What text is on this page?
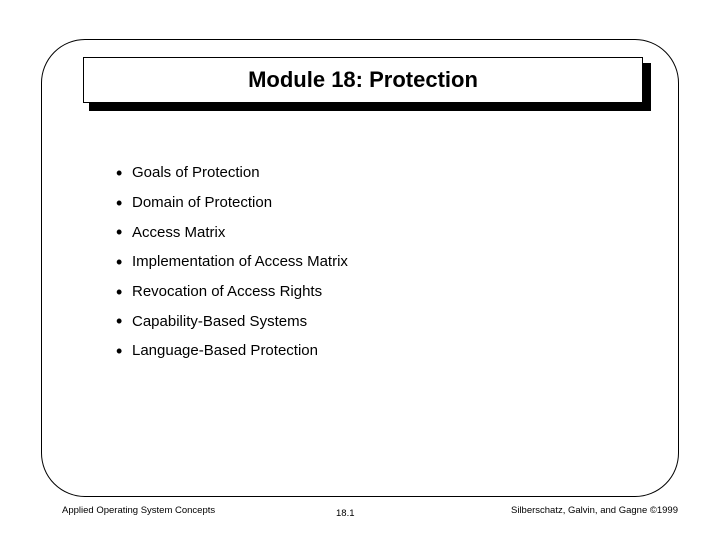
Module 18: Protection
• Goals of Protection
• Domain of Protection
• Access Matrix
• Implementation of Access Matrix
• Revocation of Access Rights
• Capability-Based Systems
• Language-Based Protection
Applied Operating System Concepts	18.1	Silberschatz, Galvin, and Gagne ©1999
